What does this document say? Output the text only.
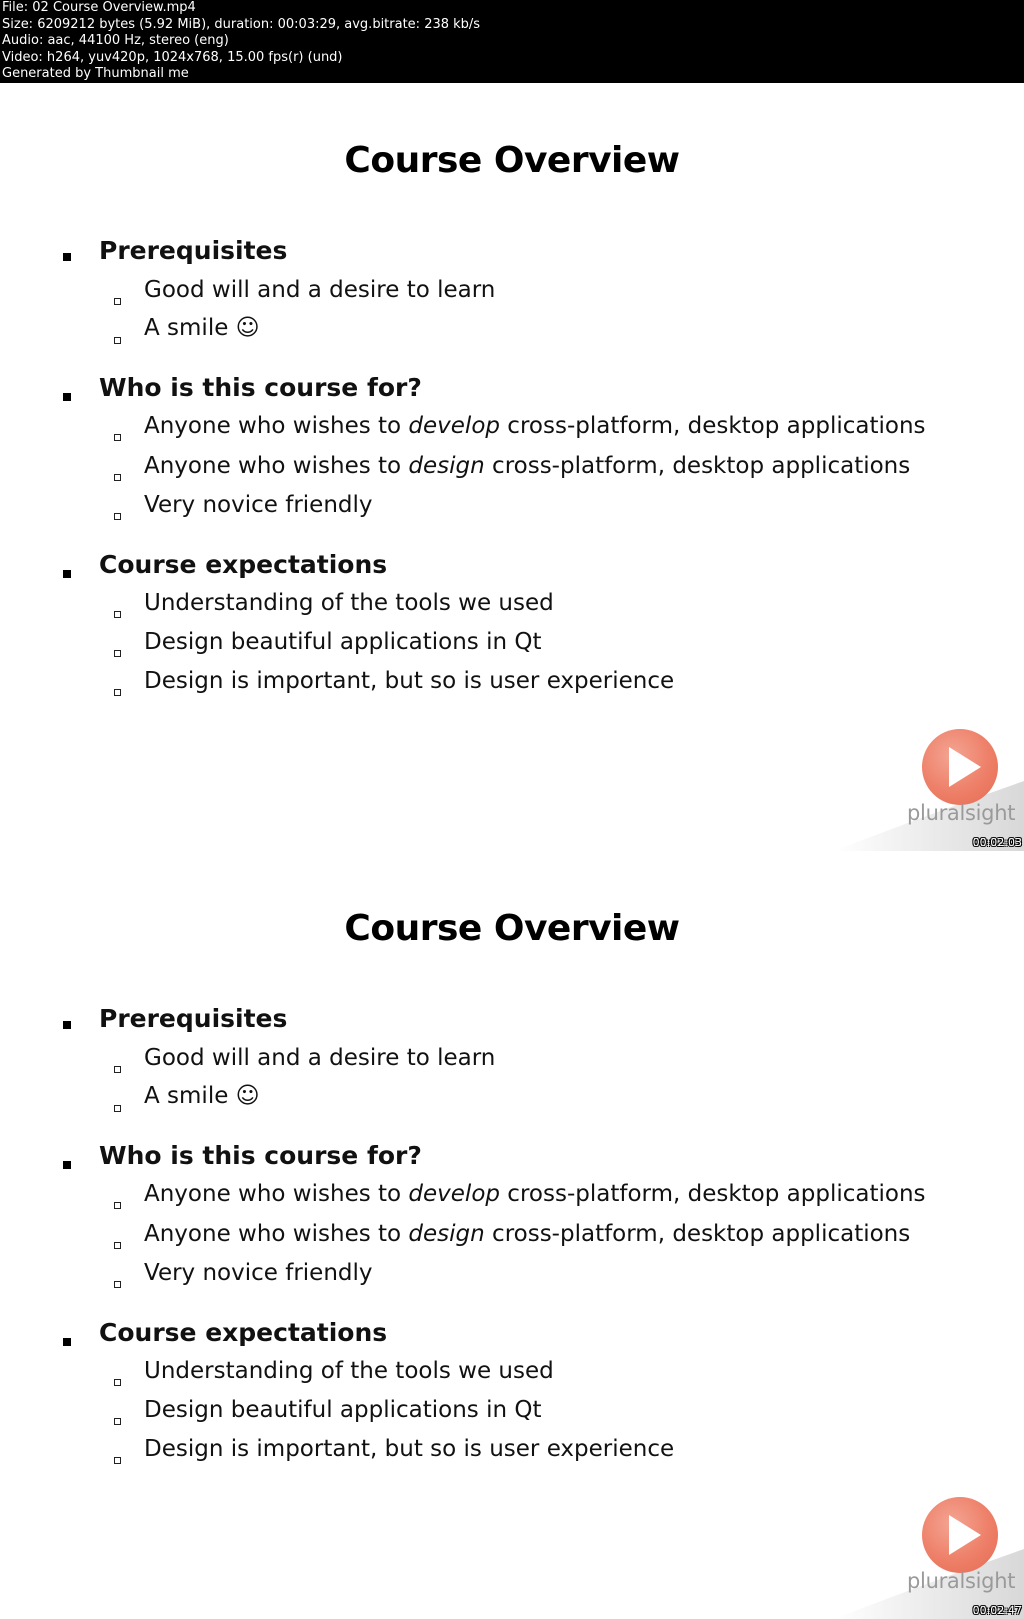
File: 02 Course Overview.mp4
Size: 6209212 bytes (5.92 MiB), duration: 00:03:29, avg.bitrate: 238 kb/s
Audio: aac, 44100 Hz, stereo (eng)
Video: h264, yuv420p, 1024x768, 15.00 fps(r) (und)
Generated by Thumbnail me
Course Overview
Prerequisites
Good will and a desire to learn
A smile ☺
Who is this course for?
Anyone who wishes to develop cross-platform, desktop applications
Anyone who wishes to design cross-platform, desktop applications
Very novice friendly
Course expectations
Understanding of the tools we used
Design beautiful applications in Qt
Design is important, but so is user experience
pluralsight
00:02:03
Course Overview
Prerequisites
Good will and a desire to learn
A smile ☺
Who is this course for?
Anyone who wishes to develop cross-platform, desktop applications
Anyone who wishes to design cross-platform, desktop applications
Very novice friendly
Course expectations
Understanding of the tools we used
Design beautiful applications in Qt
Design is important, but so is user experience
pluralsight
00:02:47
